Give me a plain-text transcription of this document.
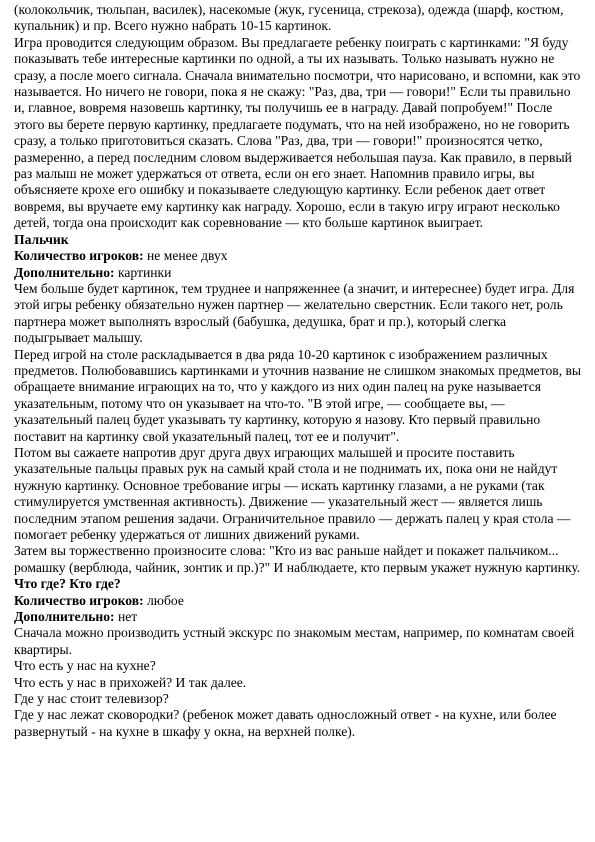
(колокольчик, тюльпан, василек), насекомые (жук, гусеница, стрекоза), одежда (шарф, костюм, купальник) и пр. Всего нужно набрать 10-15 картинок.

Игра проводится следующим образом. Вы предлагаете ребенку поиграть с картинками: "Я буду показывать тебе интересные картинки по одной, а ты их называть. Только называть нужно не сразу, а после моего сигнала. Сначала внимательно посмотри, что нарисовано, и вспомни, как это называется. Но ничего не говори, пока я не скажу: "Раз, два, три — говори!" Если ты правильно и, главное, вовремя назовешь картинку, ты получишь ее в награду. Давай попробуем!" После этого вы берете первую картинку, предлагаете подумать, что на ней изображено, но не говорить сразу, а только приготовиться сказать. Слова "Раз, два, три — говори!" произносятся четко, размеренно, а перед последним словом выдерживается небольшая пауза. Как правило, в первый раз малыш не может удержаться от ответа, если он его знает. Напомнив правило игры, вы объясняете кроxе его ошибку и показываете следующую картинку. Если ребенок дает ответ вовремя, вы вручаете ему картинку как награду. Хорошо, если в такую игру играют несколько детей, тогда она происходит как соревнование — кто больше картинок выиграет.

Пальчик

Количество игроков: не менее двух

Дополнительно: картинки

Чем больше будет картинок, тем труднее и напряженнее (а значит, и интереснее) будет игра. Для этой игры ребенку обязательно нужен партнер — желательно сверстник. Если такого нет, роль партнера может выполнять взрослый (бабушка, дедушка, брат и пр.), который слегка подыгрывает малышу.

Перед игрой на столе раскладывается в два ряда 10-20 картинок с изображением различных предметов. Полюбовавшись картинками и уточнив название не слишком знакомых предметов, вы обращаете внимание играющих на то, что у каждого из них один палец на руке называется указательным, потому что он указывает на что-то. "В этой игре, — сообщаете вы, — указательный палец будет указывать ту картинку, которую я назову. Кто первый правильно поставит на картинку свой указательный палец, тот ее и получит".

Потом вы сажаете напротив друг друга двух играющих малышей и просите поставить указательные пальцы правых рук на самый край стола и не поднимать их, пока они не найдут нужную картинку. Основное требование игры — искать картинку глазами, а не руками (так стимулируется умственная активность). Движение — указательный жест — является лишь последним этапом решения задачи. Ограничительное правило — держать палец у края стола — помогает ребенку удержаться от лишних движений руками.

Затем вы торжественно произносите слова: "Кто из вас раньше найдет и покажет пальчиком... ромашку (верблюда, чайник, зонтик и пр.)?" И наблюдаете, кто первым укажет нужную картинку.

Что где? Кто где?

Количество игроков: любое

Дополнительно: нет

Сначала можно производить устный экскурс по знакомым местам, например, по комнатам своей квартиры.

Что есть у нас на кухне?

Что есть у нас в прихожей? И так далее.

Где у нас стоит телевизор?

Где у нас лежат сковородки? (ребенок может давать односложный ответ - на кухне, или более развернутый - на кухне в шкафу у окна, на верхней полке).
